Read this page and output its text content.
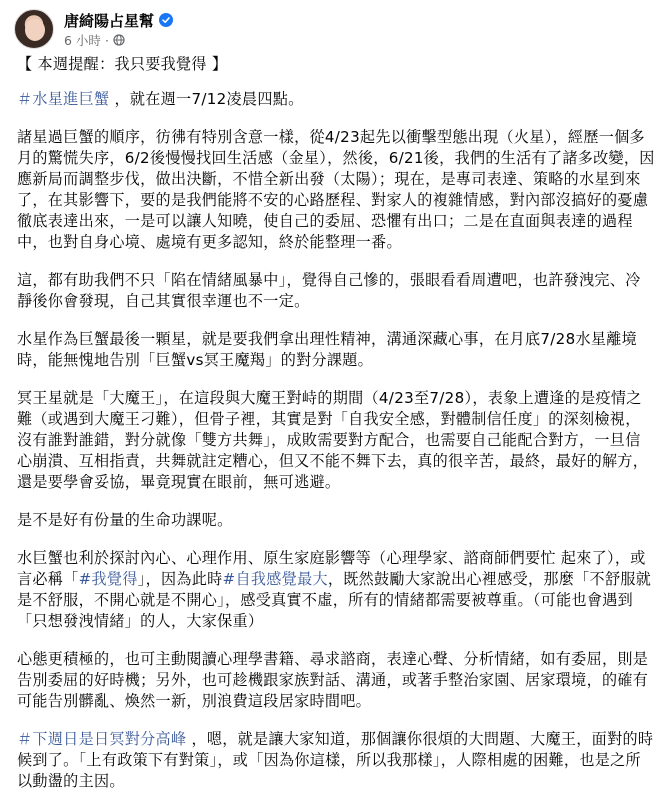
唐綺陽占星幫
6 小時 ·

【 本週提醒：我只要我覺得 】

＃水星進巨蟹 ，就在週一7/12凌晨四點。

諸星過巨蟹的順序，彷彿有特別含意一樣，從4/23起先以衝擊型態出現（火星），經歷一個多月的驚慌失序，6/2後慢慢找回生活感（金星），然後，6/21後，我們的生活有了諸多改變，因應新局而調整步伐，做出決斷，不惜全新出發（太陽）；現在，是專司表達、策略的水星到來了，在其影響下，要的是我們能將不安的心路歷程、對家人的複雜情感，對內部沒搞好的憂慮徹底表達出來，一是可以讓人知曉，使自己的委屈、恐懼有出口；二是在直面與表達的過程中，也對自身心境、處境有更多認知，終於能整理一番。

這，都有助我們不只「陷在情緒風暴中」，覺得自己慘的，張眼看看周遭吧，也許發洩完、冷靜後你會發現，自己其實很幸運也不一定。

水星作為巨蟹最後一顆星，就是要我們拿出理性精神，溝通深藏心事，在月底7/28水星離境時，能無愧地告別「巨蟹vs冥王魔羯」的對分課題。

冥王星就是「大魔王」，在這段與大魔王對峙的期間（4/23至7/28），表象上遭逢的是疫情之難（或遇到大魔王刁難），但骨子裡，其實是對「自我安全感，對體制信任度」的深刻檢視，沒有誰對誰錯，對分就像「雙方共舞」，成敗需要對方配合，也需要自己能配合對方，一旦信心崩潰、互相指責，共舞就註定糟心，但又不能不舞下去，真的很辛苦，最終，最好的解方，還是要學會妥協，畢竟現實在眼前，無可逃避。

是不是好有份量的生命功課呢。

水巨蟹也利於探討內心、心理作用、原生家庭影響等（心理學家、諮商師們要忙 起來了），或言必稱「#我覺得」，因為此時#自我感覺最大，既然鼓勵大家說出心裡感受，那麼「不舒服就是不舒服，不開心就是不開心」，感受真實不虛，所有的情緒都需要被尊重。（可能也會遇到「只想發洩情緒」的人，大家保重）

心態更積極的，也可主動閱讀心理學書籍、尋求諮商，表達心聲、分析情緒，如有委屈，則是告別委屈的好時機；另外，也可趁機跟家族對話、溝通，或著手整治家園、居家環境，的確有可能告別髒亂、煥然一新，別浪費這段居家時間吧。

＃下週日是日冥對分高峰 ，嗯，就是讓大家知道，那個讓你很煩的大問題、大魔王，面對的時候到了。「上有政策下有對策」，或「因為你這樣，所以我那樣」，人際相處的困難，也是之所以動盪的主因。
